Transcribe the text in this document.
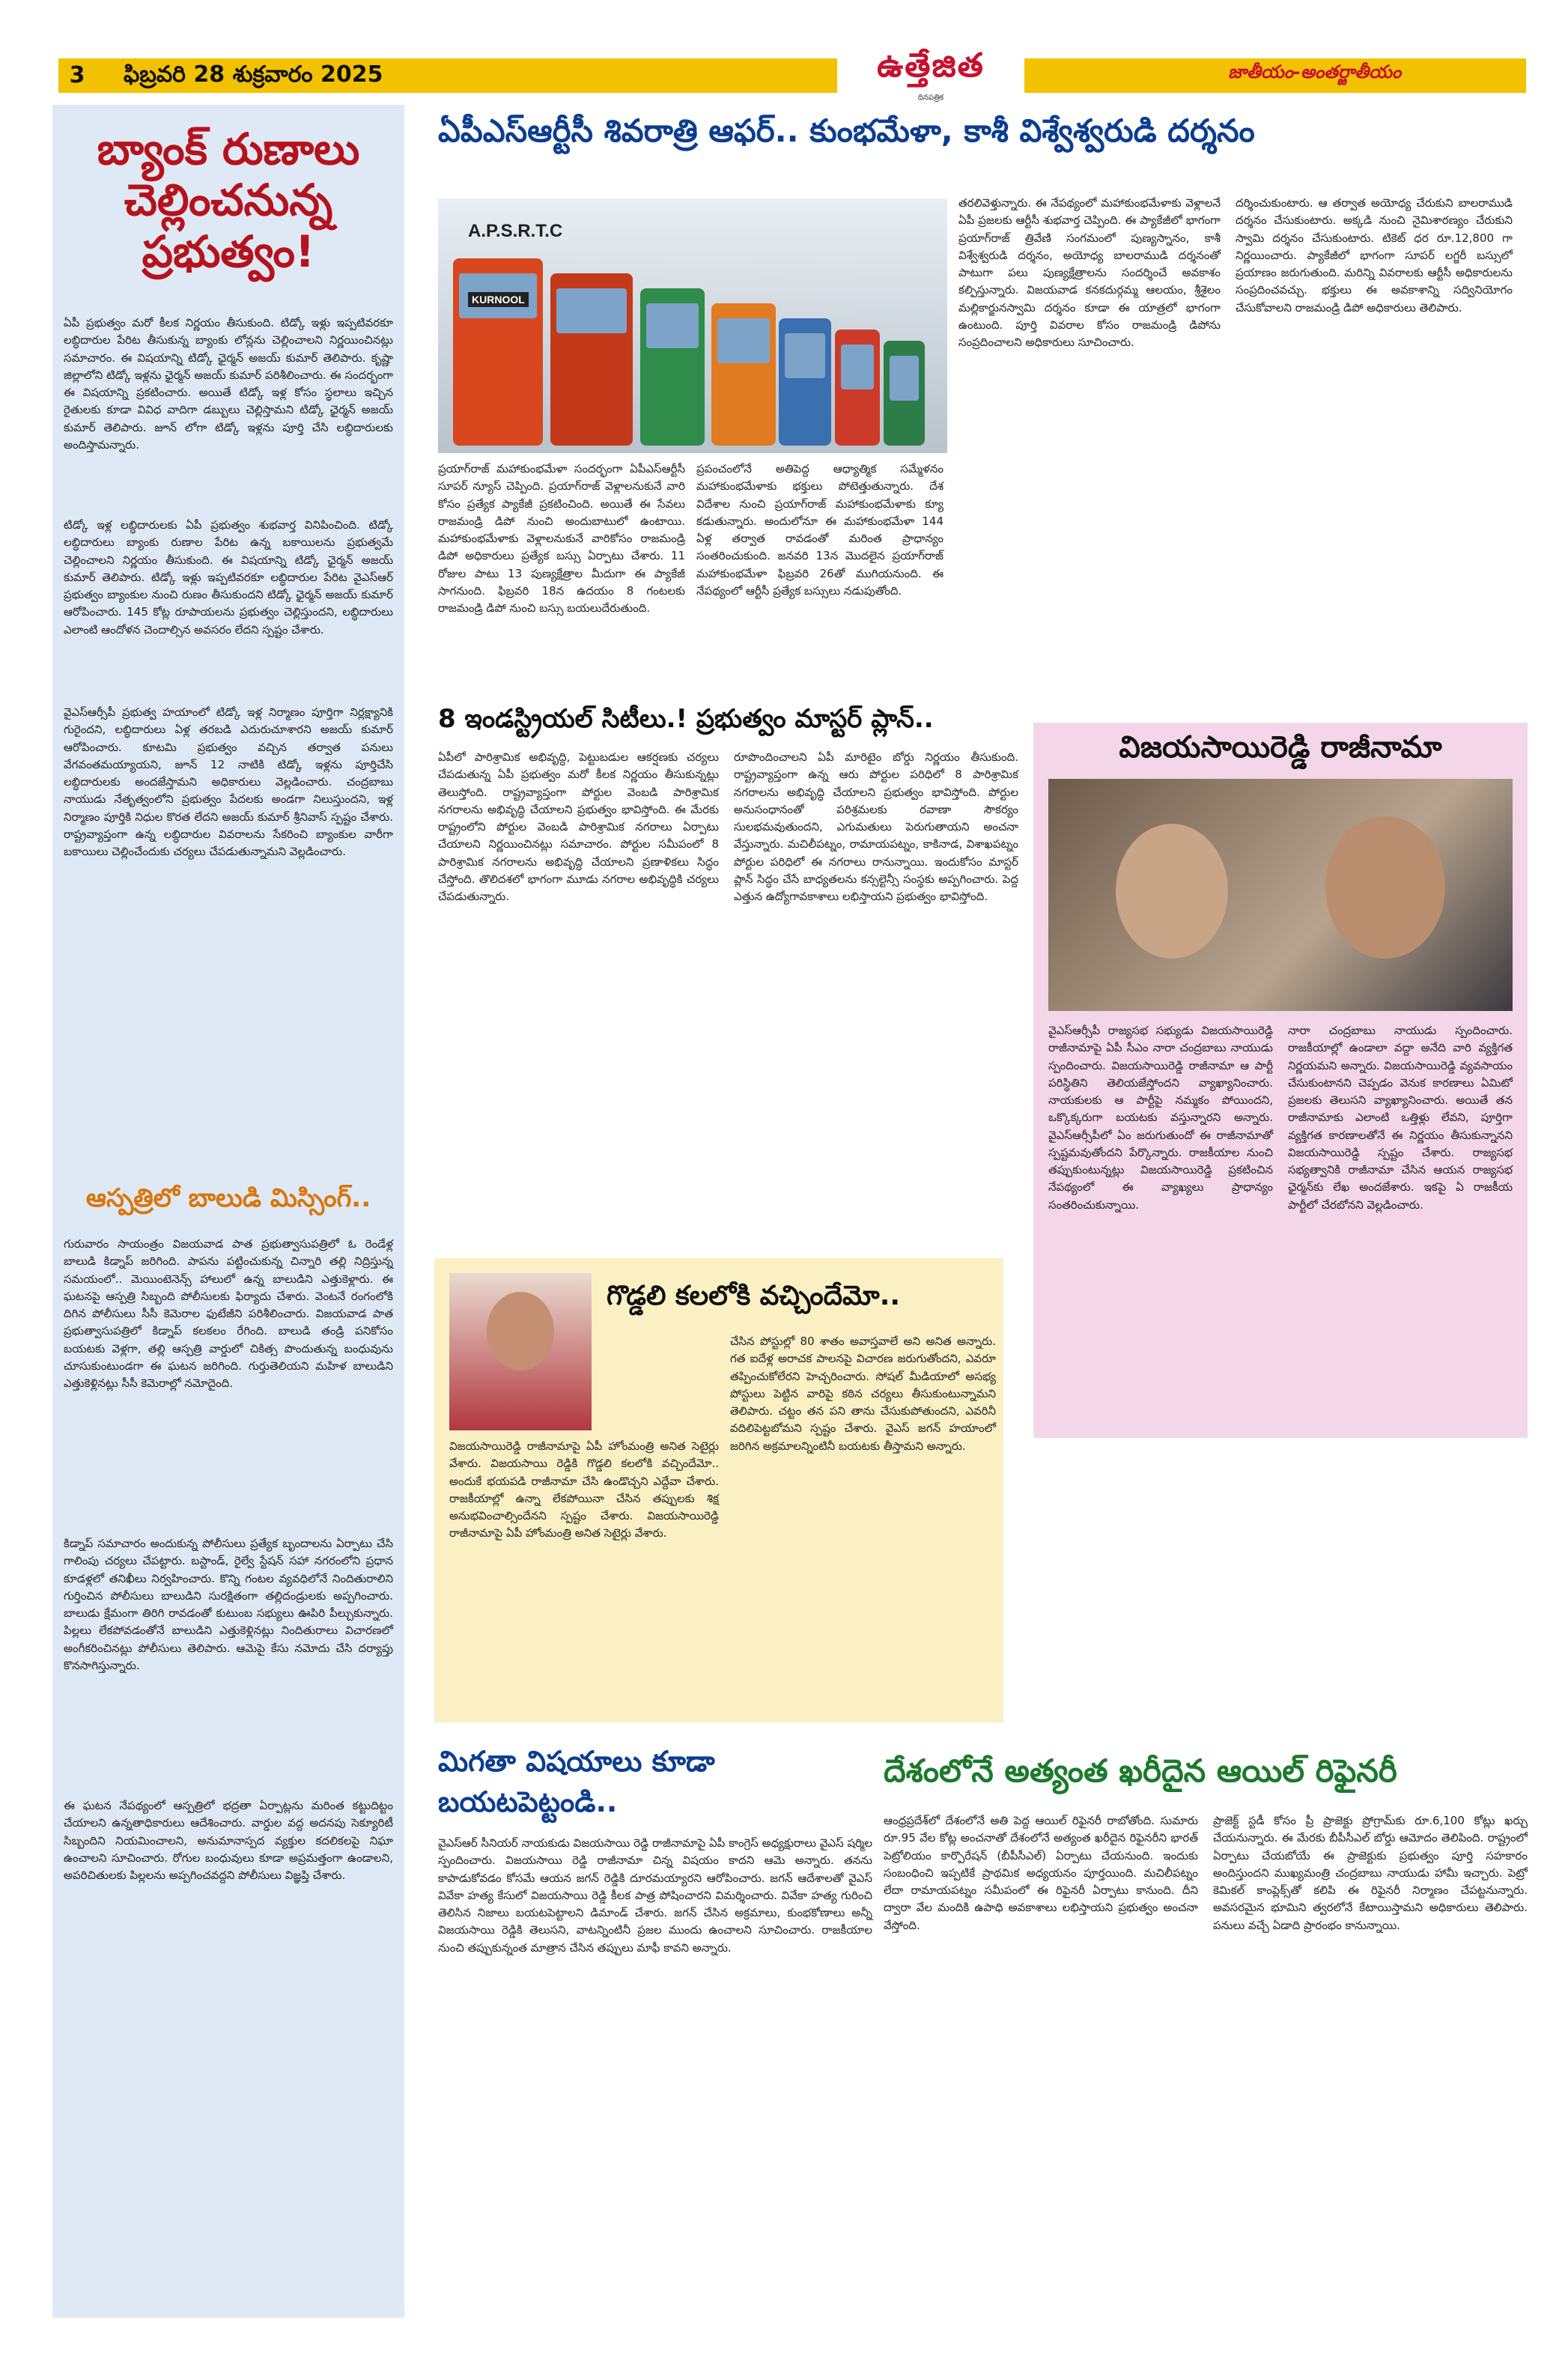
3	ఫిబ్రవరి 28 శుక్రవారం 2025	ఉత్తేజిత
దినపత్రిక
జాతీయం-అంతర్జాతీయం
బ్యాంక్ రుణాలు చెల్లించనున్న ప్రభుత్వం!
ఏపీ ప్రభుత్వం మరో కీలక నిర్ణయం తీసుకుంది. టిడ్కో ఇళ్లు ఇప్పటివరకూ లబ్ధిదారుల పేరిట తీసుకున్న బ్యాంకు లోన్లను చెల్లించాలని నిర్ణయించినట్లు సమాచారం. ఈ విషయాన్ని టిడ్కో ఛైర్మన్ అజయ్ కుమార్ తెలిపారు. కృష్ణా జిల్లాలోని టిడ్కో ఇళ్లను ఛైర్మన్ అజయ్ కుమార్ పరిశీలించారు. ఈ సందర్భంగా ఈ విషయాన్ని ప్రకటించారు. అయితే టిడ్కో ఇళ్ల కోసం స్థలాలు ఇచ్చిన రైతులకు కూడా వివిధ వాదిగా డబ్బులు చెల్లిస్తామని టిడ్కో ఛైర్మన్ అజయ్ కుమార్ తెలిపారు. జూన్ లోగా టిడ్కో ఇళ్లను పూర్తి చేసి లబ్ధిదారులకు అందిస్తామన్నారు.
టిడ్కో ఇళ్ల లబ్ధిదారులకు ఏపీ ప్రభుత్వం శుభవార్త వినిపించింది. టిడ్కో లబ్ధిదారులు బ్యాంకు రుణాల పేరిట ఉన్న బకాయిలను ప్రభుత్వమే చెల్లించాలని నిర్ణయం తీసుకుంది. ఈ విషయాన్ని టిడ్కో ఛైర్మన్ అజయ్ కుమార్ తెలిపారు. టిడ్కో ఇళ్లు ఇప్పటివరకూ లబ్ధిదారుల పేరిట వైఎస్ఆర్ ప్రభుత్వం బ్యాంకుల నుంచి రుణం తీసుకుందని టిడ్కో ఛైర్మన్ అజయ్ కుమార్ ఆరోపించారు. 145 కోట్ల రూపాయలను ప్రభుత్వం చెల్లిస్తుందని, లబ్ధిదారులు ఎలాంటి ఆందోళన చెందాల్సిన అవసరం లేదని స్పష్టం చేశారు.
వైఎస్ఆర్సీపీ ప్రభుత్వ హయాంలో టిడ్కో ఇళ్ల నిర్మాణం పూర్తిగా నిర్లక్ష్యానికి గురైందని, లబ్ధిదారులు ఏళ్ల తరబడి ఎదురుచూశారని అజయ్ కుమార్ ఆరోపించారు. కూటమి ప్రభుత్వం వచ్చిన తర్వాత పనులు వేగవంతమయ్యాయని, జూన్ 12 నాటికి టిడ్కో ఇళ్లను పూర్తిచేసి లబ్ధిదారులకు అందజేస్తామని అధికారులు వెల్లడించారు. చంద్రబాబు నాయుడు నేతృత్వంలోని ప్రభుత్వం పేదలకు అండగా నిలుస్తుందని, ఇళ్ల నిర్మాణం పూర్తికి నిధుల కొరత లేదని అజయ్ కుమార్ శ్రీనివాస్ స్పష్టం చేశారు. రాష్ట్రవ్యాప్తంగా ఉన్న లబ్ధిదారుల వివరాలను సేకరించి బ్యాంకుల వారీగా బకాయిలు చెల్లించేందుకు చర్యలు చేపడుతున్నామని వెల్లడించారు.
ఆస్పత్రిలో బాలుడి మిస్సింగ్..
గురువారం సాయంత్రం విజయవాడ పాత ప్రభుత్వాసుపత్రిలో ఓ రెండేళ్ల బాలుడి కిడ్నాప్ జరిగింది. పాపను పట్టించుకున్న చిన్నారి తల్లి నిద్రిస్తున్న సమయంలో.. మెయింటెనెన్స్ హాలులో ఉన్న బాలుడిని ఎత్తుకెళ్లారు. ఈ ఘటనపై ఆస్పత్రి సిబ్బంది పోలీసులకు ఫిర్యాదు చేశారు. వెంటనే రంగంలోకి దిగిన పోలీసులు సీసీ కెమెరాల ఫుటేజీని పరిశీలించారు. విజయవాడ పాత ప్రభుత్వాసుపత్రిలో కిడ్నాప్ కలకలం రేగింది. బాలుడి తండ్రి పనికోసం బయటకు వెళ్లగా, తల్లి ఆస్పత్రి వార్డులో చికిత్స పొందుతున్న బంధువును చూసుకుంటుండగా ఈ ఘటన జరిగింది. గుర్తుతెలియని మహిళ బాలుడిని ఎత్తుకెళ్లినట్లు సీసీ కెమెరాల్లో నమోదైంది.
కిడ్నాప్ సమాచారం అందుకున్న పోలీసులు ప్రత్యేక బృందాలను ఏర్పాటు చేసి గాలింపు చర్యలు చేపట్టారు. బస్టాండ్, రైల్వే స్టేషన్ సహా నగరంలోని ప్రధాన కూడళ్లలో తనిఖీలు నిర్వహించారు. కొన్ని గంటల వ్యవధిలోనే నిందితురాలిని గుర్తించిన పోలీసులు బాలుడిని సురక్షితంగా తల్లిదండ్రులకు అప్పగించారు. బాలుడు క్షేమంగా తిరిగి రావడంతో కుటుంబ సభ్యులు ఊపిరి పీల్చుకున్నారు. పిల్లలు లేకపోవడంతోనే బాలుడిని ఎత్తుకెళ్లినట్లు నిందితురాలు విచారణలో అంగీకరించినట్లు పోలీసులు తెలిపారు. ఆమెపై కేసు నమోదు చేసి దర్యాప్తు కొనసాగిస్తున్నారు.
ఈ ఘటన నేపథ్యంలో ఆస్పత్రిలో భద్రతా ఏర్పాట్లను మరింత కట్టుదిట్టం చేయాలని ఉన్నతాధికారులు ఆదేశించారు. వార్డుల వద్ద అదనపు సెక్యూరిటీ సిబ్బందిని నియమించాలని, అనుమానాస్పద వ్యక్తుల కదలికలపై నిఘా ఉంచాలని సూచించారు. రోగుల బంధువులు కూడా అప్రమత్తంగా ఉండాలని, అపరిచితులకు పిల్లలను అప్పగించవద్దని పోలీసులు విజ్ఞప్తి చేశారు.
ఏపీఎస్ఆర్టీసీ శివరాత్రి ఆఫర్.. కుంభమేళా, కాశీ విశ్వేశ్వరుడి దర్శనం
A.P.S.R.T.C
KURNOOL
ప్రయాగ్‌రాజ్ మహాకుంభమేళా సందర్భంగా ఏపీఎస్ఆర్టీసీ సూపర్ న్యూస్ చెప్పింది. ప్రయాగ్‌రాజ్ వెళ్లాలనుకునే వారి కోసం ప్రత్యేక ప్యాకేజీ ప్రకటించింది. అయితే ఈ సేవలు రాజమండ్రి డిపో నుంచి అందుబాటులో ఉంటాయి. మహాకుంభమేళాకు వెళ్లాలనుకునే వారికోసం రాజమండ్రి డిపో అధికారులు ప్రత్యేక బస్సు ఏర్పాటు చేశారు. 11 రోజుల పాటు 13 పుణ్యక్షేత్రాల మీదుగా ఈ ప్యాకేజీ సాగనుంది. ఫిబ్రవరి 18న ఉదయం 8 గంటలకు రాజమండ్రి డిపో నుంచి బస్సు బయలుదేరుతుంది.
ప్రపంచంలోనే అతిపెద్ద ఆధ్యాత్మిక సమ్మేళనం మహాకుంభమేళాకు భక్తులు పోటెత్తుతున్నారు. దేశ విదేశాల నుంచి ప్రయాగ్‌రాజ్ మహాకుంభమేళాకు క్యూ కడుతున్నారు. అందులోనూ ఈ మహాకుంభమేళా 144 ఏళ్ల తర్వాత రావడంతో మరింత ప్రాధాన్యం సంతరించుకుంది. జనవరి 13న మొదలైన ప్రయాగ్‌రాజ్ మహాకుంభమేళా ఫిబ్రవరి 26తో ముగియనుంది. ఈ నేపథ్యంలో ఆర్టీసీ ప్రత్యేక బస్సులు నడుపుతోంది.
తరలివెళ్తున్నారు. ఈ నేపథ్యంలో మహాకుంభమేళాకు వెళ్లాలనే ఏపీ ప్రజలకు ఆర్టీసీ శుభవార్త చెప్పింది. ఈ ప్యాకేజీలో భాగంగా ప్రయాగ్‌రాజ్ త్రివేణి సంగమంలో పుణ్యస్నానం, కాశీ విశ్వేశ్వరుడి దర్శనం, అయోధ్య బాలరాముడి దర్శనంతో పాటుగా పలు పుణ్యక్షేత్రాలను సందర్శించే అవకాశం కల్పిస్తున్నారు. విజయవాడ కనకదుర్గమ్మ ఆలయం, శ్రీశైలం మల్లికార్జునస్వామి దర్శనం కూడా ఈ యాత్రలో భాగంగా ఉంటుంది. పూర్తి వివరాల కోసం రాజమండ్రి డిపోను సంప్రదించాలని అధికారులు సూచించారు.
దర్శించుకుంటారు. ఆ తర్వాత అయోధ్య చేరుకుని బాలరాముడి దర్శనం చేసుకుంటారు. అక్కడి నుంచి నైమిశారణ్యం చేరుకుని స్వామి దర్శనం చేసుకుంటారు. టికెట్ ధర రూ.12,800 గా నిర్ణయించారు. ప్యాకేజీలో భాగంగా సూపర్ లగ్జరీ బస్సులో ప్రయాణం జరుగుతుంది. మరిన్ని వివరాలకు ఆర్టీసీ అధికారులను సంప్రదించవచ్చు. భక్తులు ఈ అవకాశాన్ని సద్వినియోగం చేసుకోవాలని రాజమండ్రి డిపో అధికారులు తెలిపారు.
8 ఇండస్ట్రియల్ సిటీలు.! ప్రభుత్వం మాస్టర్ ప్లాన్..
ఏపీలో పారిశ్రామిక అభివృద్ధి, పెట్టుబడుల ఆకర్షణకు చర్యలు చేపడుతున్న ఏపీ ప్రభుత్వం మరో కీలక నిర్ణయం తీసుకున్నట్లు తెలుస్తోంది. రాష్ట్రవ్యాప్తంగా పోర్టుల వెంబడి పారిశ్రామిక నగరాలను అభివృద్ధి చేయాలని ప్రభుత్వం భావిస్తోంది. ఈ మేరకు రాష్ట్రంలోని పోర్టుల వెంబడి పారిశ్రామిక నగరాలు ఏర్పాటు చేయాలని నిర్ణయించినట్లు సమాచారం. పోర్టుల సమీపంలో 8 పారిశ్రామిక నగరాలను అభివృద్ధి చేయాలని ప్రణాళికలు సిద్ధం చేస్తోంది. తొలిదశలో భాగంగా మూడు నగరాల అభివృద్ధికి చర్యలు చేపడుతున్నారు.
రూపొందించాలని ఏపీ మారిటైం బోర్డు నిర్ణయం తీసుకుంది. రాష్ట్రవ్యాప్తంగా ఉన్న ఆరు పోర్టుల పరిధిలో 8 పారిశ్రామిక నగరాలను అభివృద్ధి చేయాలని ప్రభుత్వం భావిస్తోంది. పోర్టుల అనుసంధానంతో పరిశ్రమలకు రవాణా సౌకర్యం సులభమవుతుందని, ఎగుమతులు పెరుగుతాయని అంచనా వేస్తున్నారు. మచిలీపట్నం, రామాయపట్నం, కాకినాడ, విశాఖపట్నం పోర్టుల పరిధిలో ఈ నగరాలు రానున్నాయి. ఇందుకోసం మాస్టర్ ప్లాన్ సిద్ధం చేసే బాధ్యతలను కన్సల్టెన్సీ సంస్థకు అప్పగించారు. పెద్ద ఎత్తున ఉద్యోగావకాశాలు లభిస్తాయని ప్రభుత్వం భావిస్తోంది.
విజయసాయిరెడ్డి రాజీనామా
వైఎస్ఆర్సీపీ రాజ్యసభ సభ్యుడు విజయసాయిరెడ్డి రాజీనామాపై ఏపీ సీఎం నారా చంద్రబాబు నాయుడు స్పందించారు. విజయసాయిరెడ్డి రాజీనామా ఆ పార్టీ పరిస్థితిని తెలియజేస్తోందని వ్యాఖ్యానించారు. నాయకులకు ఆ పార్టీపై నమ్మకం పోయిందని, ఒక్కొక్కరుగా బయటకు వస్తున్నారని అన్నారు. వైఎస్ఆర్సీపీలో ఏం జరుగుతుందో ఈ రాజీనామాతో స్పష్టమవుతోందని పేర్కొన్నారు. రాజకీయాల నుంచి తప్పుకుంటున్నట్లు విజయసాయిరెడ్డి ప్రకటించిన నేపథ్యంలో ఈ వ్యాఖ్యలు ప్రాధాన్యం సంతరించుకున్నాయి.
నారా చంద్రబాబు నాయుడు స్పందించారు. రాజకీయాల్లో ఉండాలా వద్దా అనేది వారి వ్యక్తిగత నిర్ణయమని అన్నారు. విజయసాయిరెడ్డి వ్యవసాయం చేసుకుంటానని చెప్పడం వెనుక కారణాలు ఏమిటో ప్రజలకు తెలుసని వ్యాఖ్యానించారు. అయితే తన రాజీనామాకు ఎలాంటి ఒత్తిళ్లు లేవని, పూర్తిగా వ్యక్తిగత కారణాలతోనే ఈ నిర్ణయం తీసుకున్నానని విజయసాయిరెడ్డి స్పష్టం చేశారు. రాజ్యసభ సభ్యత్వానికి రాజీనామా చేసిన ఆయన రాజ్యసభ ఛైర్మన్‌కు లేఖ అందజేశారు. ఇకపై ఏ రాజకీయ పార్టీలో చేరబోనని వెల్లడించారు.
గొడ్డలి కలలోకి వచ్చిందేమో..
విజయసాయిరెడ్డి రాజీనామాపై ఏపీ హోంమంత్రి అనిత సెటైర్లు వేశారు. విజయసాయి రెడ్డికి గొడ్డలి కలలోకి వచ్చిందేమో.. అందుకే భయపడి రాజీనామా చేసి ఉండొచ్చని ఎద్దేవా చేశారు. రాజకీయాల్లో ఉన్నా లేకపోయినా చేసిన తప్పులకు శిక్ష అనుభవించాల్సిందేనని స్పష్టం చేశారు. విజయసాయిరెడ్డి రాజీనామాపై ఏపీ హోంమంత్రి అనిత సెటైర్లు వేశారు.
చేసిన పోస్టుల్లో 80 శాతం అవాస్తవాలే అని అనిత అన్నారు. గత ఐదేళ్ల అరాచక పాలనపై విచారణ జరుగుతోందని, ఎవరూ తప్పించుకోలేరని హెచ్చరించారు. సోషల్ మీడియాలో అసభ్య పోస్టులు పెట్టిన వారిపై కఠిన చర్యలు తీసుకుంటున్నామని తెలిపారు. చట్టం తన పని తాను చేసుకుపోతుందని, ఎవరినీ వదిలిపెట్టబోమని స్పష్టం చేశారు. వైఎస్ జగన్ హయాంలో జరిగిన అక్రమాలన్నింటినీ బయటకు తీస్తామని అన్నారు.
మిగతా విషయాలు కూడా బయటపెట్టండి..
వైఎస్ఆర్ సీనియర్ నాయకుడు విజయసాయి రెడ్డి రాజీనామాపై ఏపీ కాంగ్రెస్ అధ్యక్షురాలు వైఎస్ షర్మిల స్పందించారు. విజయసాయి రెడ్డి రాజీనామా చిన్న విషయం కాదని ఆమె అన్నారు. తనను కాపాడుకోవడం కోసమే ఆయన జగన్ రెడ్డికి దూరమయ్యారని ఆరోపించారు. జగన్ ఆదేశాలతో వైఎస్ వివేకా హత్య కేసులో విజయసాయి రెడ్డి కీలక పాత్ర పోషించారని విమర్శించారు. వివేకా హత్య గురించి తెలిసిన నిజాలు బయటపెట్టాలని డిమాండ్ చేశారు. జగన్ చేసిన అక్రమాలు, కుంభకోణాలు అన్నీ విజయసాయి రెడ్డికి తెలుసని, వాటన్నింటినీ ప్రజల ముందు ఉంచాలని సూచించారు. రాజకీయాల నుంచి తప్పుకున్నంత మాత్రాన చేసిన తప్పులు మాఫీ కావని అన్నారు.
దేశంలోనే అత్యంత ఖరీదైన ఆయిల్ రిఫైనరీ
ఆంధ్రప్రదేశ్‌లో దేశంలోనే అతి పెద్ద ఆయిల్ రిఫైనరీ రాబోతోంది. సుమారు రూ.95 వేల కోట్ల అంచనాతో దేశంలోనే అత్యంత ఖరీదైన రిఫైనరీని భారత్ పెట్రోలియం కార్పొరేషన్ (బీపీసీఎల్) ఏర్పాటు చేయనుంది. ఇందుకు సంబంధించి ఇప్పటికే ప్రాథమిక అధ్యయనం పూర్తయింది. మచిలీపట్నం లేదా రామాయపట్నం సమీపంలో ఈ రిఫైనరీ ఏర్పాటు కానుంది. దీని ద్వారా వేల మందికి ఉపాధి అవకాశాలు లభిస్తాయని ప్రభుత్వం అంచనా వేస్తోంది.
ప్రాజెక్ట్ స్టడీ కోసం ప్రీ ప్రాజెక్టు ప్రోగ్రామ్‌కు రూ.6,100 కోట్లు ఖర్చు చేయనున్నారు. ఈ మేరకు బీపీసీఎల్ బోర్డు ఆమోదం తెలిపింది. రాష్ట్రంలో ఏర్పాటు చేయబోయే ఈ ప్రాజెక్టుకు ప్రభుత్వం పూర్తి సహకారం అందిస్తుందని ముఖ్యమంత్రి చంద్రబాబు నాయుడు హామీ ఇచ్చారు. పెట్రో కెమికల్ కాంప్లెక్స్‌తో కలిపి ఈ రిఫైనరీ నిర్మాణం చేపట్టనున్నారు. అవసరమైన భూమిని త్వరలోనే కేటాయిస్తామని అధికారులు తెలిపారు. పనులు వచ్చే ఏడాది ప్రారంభం కానున్నాయి.
